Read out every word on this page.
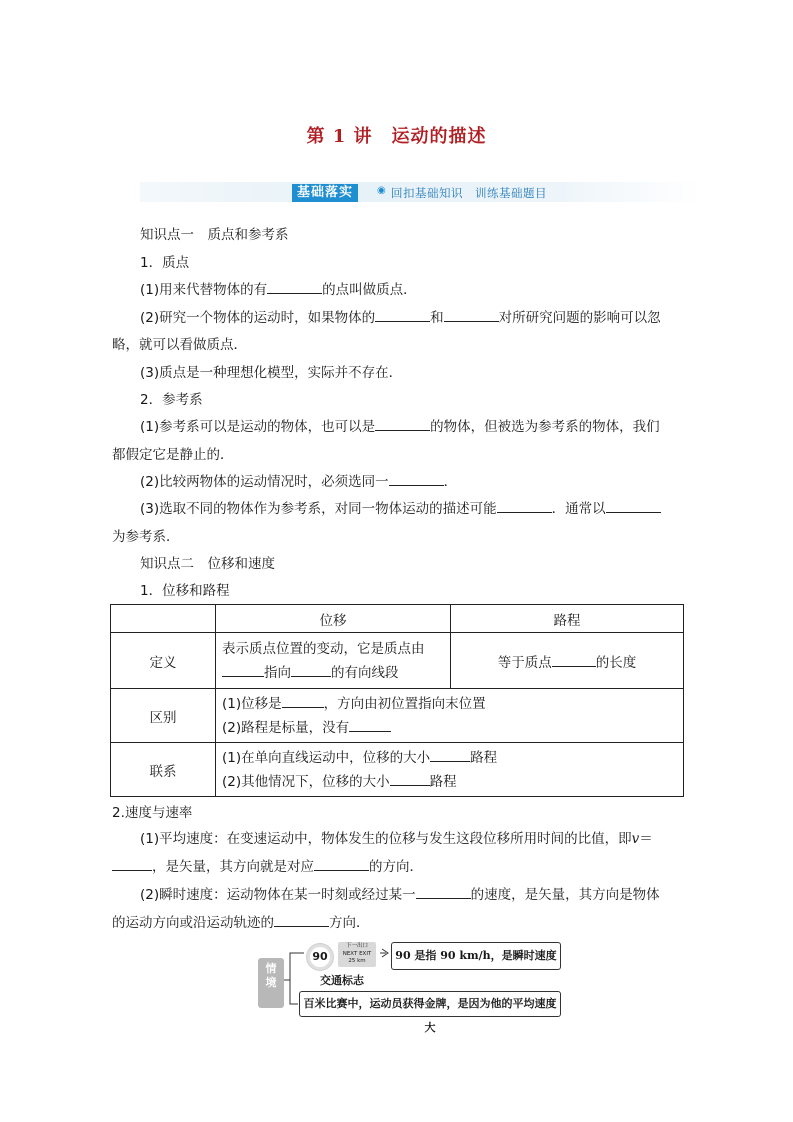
第 1 讲　运动的描述
基础落实	◉ 回扣基础知识　训练基础题目
知识点一　质点和参考系
1．质点
(1)用来代替物体的有	的点叫做质点．
(2)研究一个物体的运动时，如果物体的	和	对所研究问题的影响可以忽
略，就可以看做质点．
(3)质点是一种理想化模型，实际并不存在．
2．参考系
(1)参考系可以是运动的物体，也可以是	的物体，但被选为参考系的物体，我们
都假定它是静止的．
(2)比较两物体的运动情况时，必须选同一	．
(3)选取不同的物体作为参考系，对同一物体运动的描述可能	．通常以
为参考系．
知识点二　位移和速度
1．位移和路程
	位移	路程
定义	表示质点位置的变动，它是质点由
指向 的有向线段	等于质点 的长度
区别	(1)位移是 ，方向由初位置指向末位置
(2)路程是标量，没有	

联系	(1)在单向直线运动中，位移的大小 路程
(2)其他情况下，位移的大小 路程	
2.速度与速率
(1)平均速度：在变速运动中，物体发生的位移与发生这段位移所用时间的比值，即v＝
，是矢量，其方向就是对应	的方向．
(2)瞬时速度：运动物体在某一时刻或经过某一	的速度，是矢量，其方向是物体
的运动方向或沿运动轨迹的	方向．
情境
90
下一出口
NEXT EXIT
25 km
交通标志
90 是指 90 km/h，是瞬时速度
百米比赛中，运动员获得金牌，是因为他的平均速度大
